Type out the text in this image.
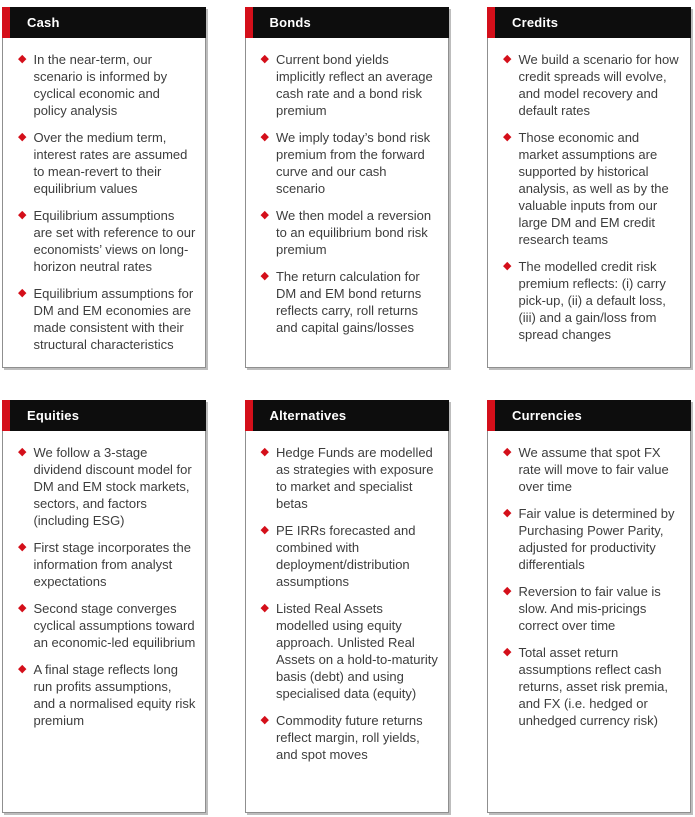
Cash
◆ In the near-term, our scenario is informed by cyclical economic and policy analysis
◆ Over the medium term, interest rates are assumed to mean-revert to their equilibrium values
◆ Equilibrium assumptions are set with reference to our economists’ views on long-horizon neutral rates
◆ Equilibrium assumptions for DM and EM economies are made consistent with their structural characteristics
Bonds
◆ Current bond yields implicitly reflect an average cash rate and a bond risk premium
◆ We imply today’s bond risk premium from the forward curve and our cash scenario
◆ We then model a reversion to an equilibrium bond risk premium
◆ The return calculation for DM and EM bond returns reflects carry, roll returns and capital gains/losses
Credits
◆ We build a scenario for how credit spreads will evolve, and model recovery and default rates
◆ Those economic and market assumptions are supported by historical analysis, as well as by the valuable inputs from our large DM and EM credit research teams
◆ The modelled credit risk premium reflects: (i) carry pick-up, (ii) a default loss, (iii) and a gain/loss from spread changes
Equities
◆ We follow a 3-stage dividend discount model for DM and EM stock markets, sectors, and factors (including ESG)
◆ First stage incorporates the information from analyst expectations
◆ Second stage converges cyclical assumptions toward an economic-led equilibrium
◆ A final stage reflects long run profits assumptions, and a normalised equity risk premium
Alternatives
◆ Hedge Funds are modelled as strategies with exposure to market and specialist betas
◆ PE IRRs forecasted and combined with deployment/distribution assumptions
◆ Listed Real Assets modelled using equity approach. Unlisted Real Assets on a hold-to-maturity basis (debt) and using specialised data (equity)
◆ Commodity future returns reflect margin, roll yields, and spot moves
Currencies
◆ We assume that spot FX rate will move to fair value over time
◆ Fair value is determined by Purchasing Power Parity, adjusted for productivity differentials
◆ Reversion to fair value is slow. And mis-pricings correct over time
◆ Total asset return assumptions reflect cash returns, asset risk premia, and FX (i.e. hedged or unhedged currency risk)
